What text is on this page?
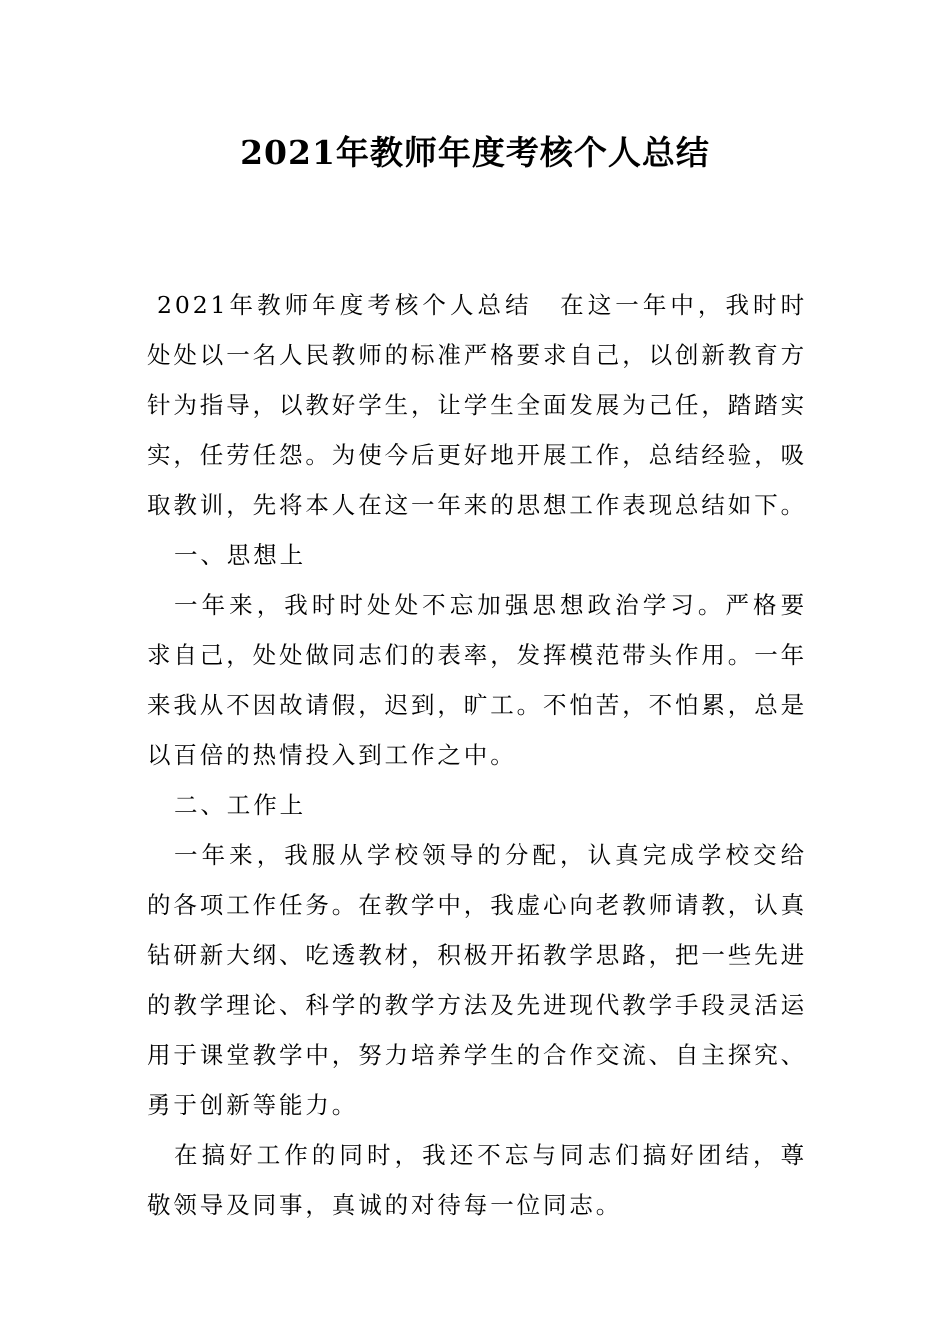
2021年教师年度考核个人总结

2021年教师年度考核个人总结　在这一年中，我时时处处以一名人民教师的标准严格要求自己，以创新教育方针为指导，以教好学生，让学生全面发展为己任，踏踏实实，任劳任怨。为使今后更好地开展工作，总结经验，吸取教训，先将本人在这一年来的思想工作表现总结如下。

一、思想上

一年来，我时时处处不忘加强思想政治学习。严格要求自己，处处做同志们的表率，发挥模范带头作用。一年来我从不因故请假，迟到，旷工。不怕苦，不怕累，总是以百倍的热情投入到工作之中。

二、工作上

一年来，我服从学校领导的分配，认真完成学校交给的各项工作任务。在教学中，我虚心向老教师请教，认真钻研新大纲、吃透教材，积极开拓教学思路，把一些先进的教学理论、科学的教学方法及先进现代教学手段灵活运用于课堂教学中，努力培养学生的合作交流、自主探究、勇于创新等能力。

在搞好工作的同时，我还不忘与同志们搞好团结，尊敬领导及同事，真诚的对待每一位同志。
